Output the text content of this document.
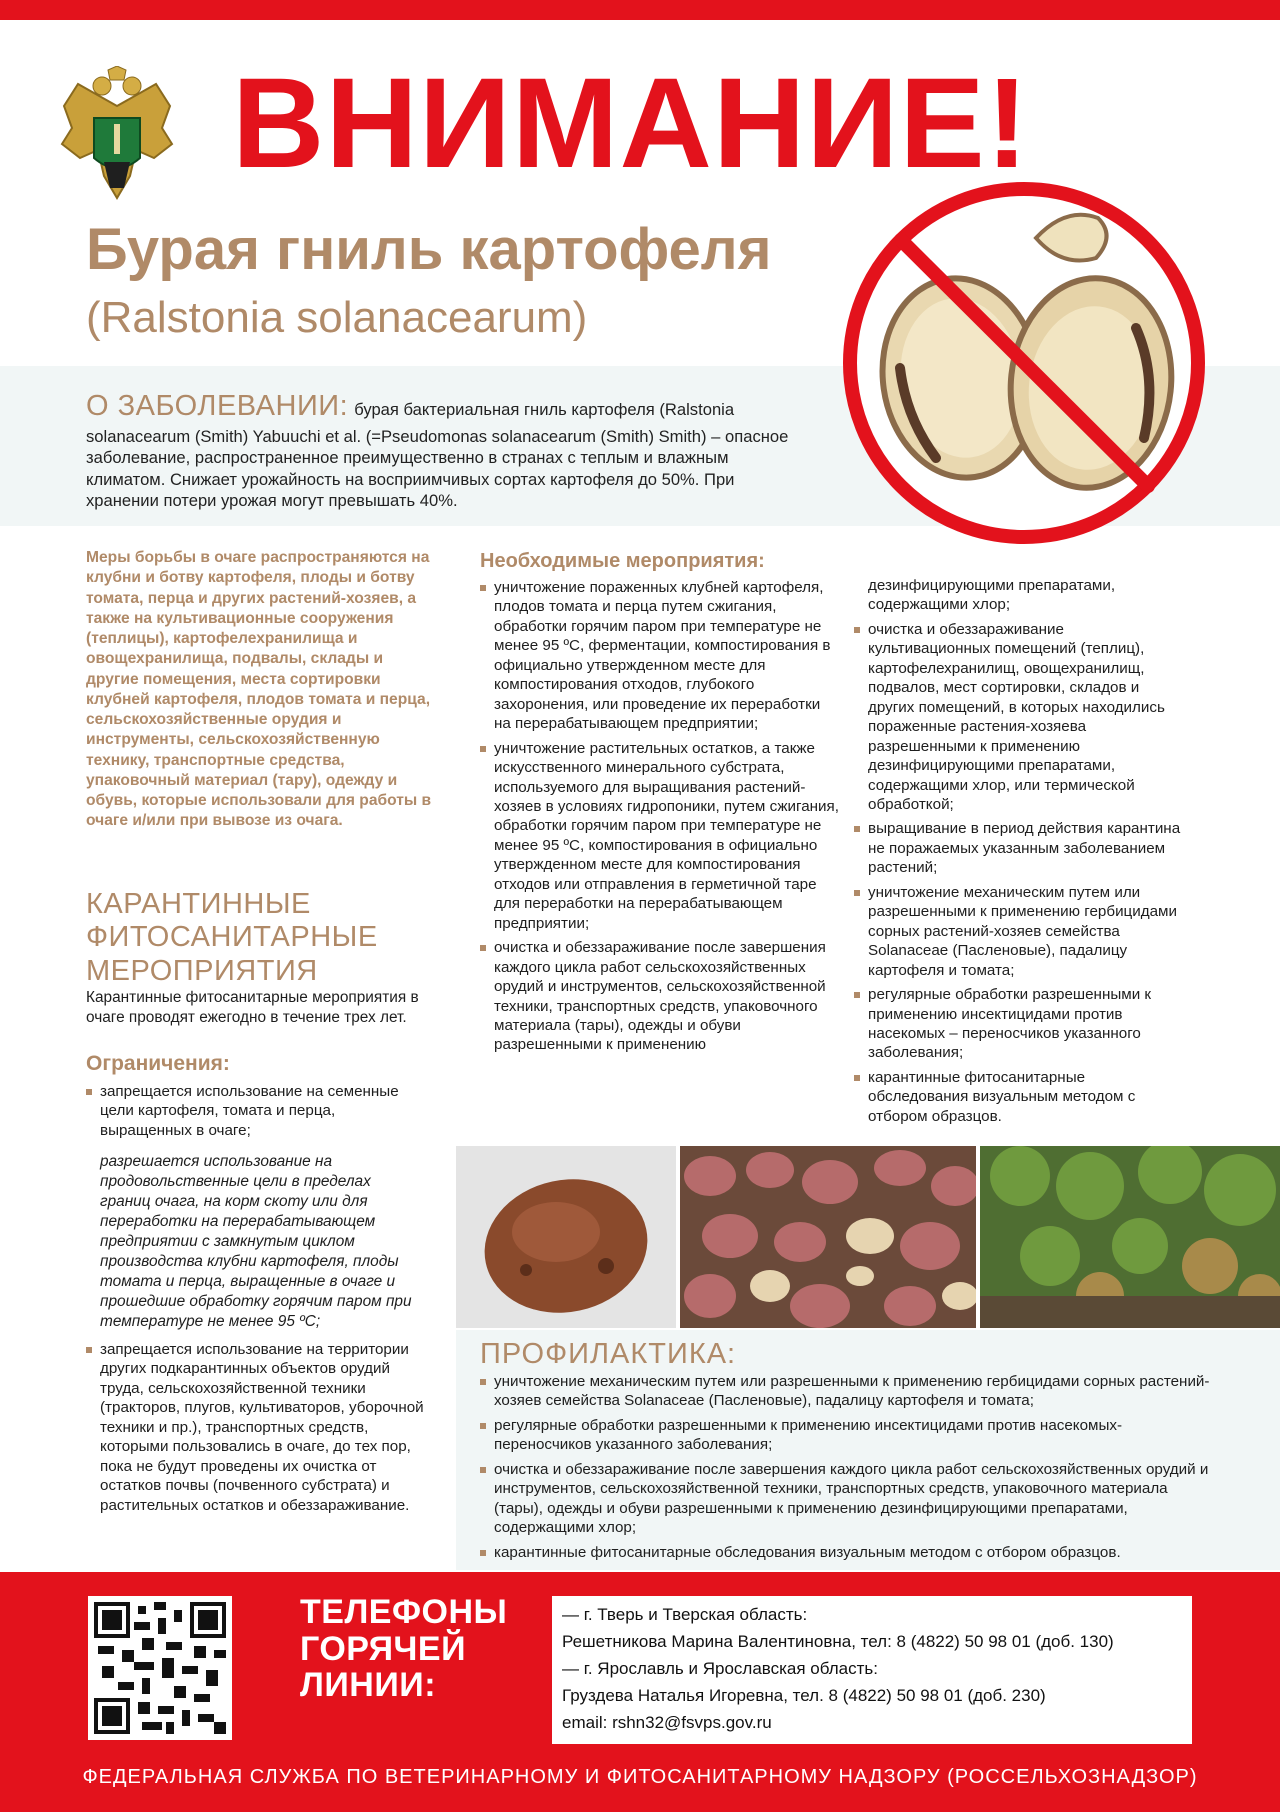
ВНИМАНИЕ!
Бурая гниль картофеля
(Ralstonia solanacearum)
О ЗАБОЛЕВАНИИ: бурая бактериальная гниль картофеля (Ralstonia solanacearum (Smith) Yabuuchi et al. (=Pseudomonas solanacearum (Smith) Smith) – опасное заболевание, распространенное преимущественно в странах с теплым и влажным климатом. Снижает урожайность на восприимчивых сортах картофеля до 50%. При хранении потери урожая могут превышать 40%.
Меры борьбы в очаге распространяются на клубни и ботву картофеля, плоды и ботву томата, перца и других растений-хозяев, а также на культивационные сооружения (теплицы), картофелехранилища и овощехранилища, подвалы, склады и другие помещения, места сортировки клубней картофеля, плодов томата и перца, сельскохозяйственные орудия и инструменты, сельскохозяйственную технику, транспортные средства, упаковочный материал (тару), одежду и обувь, которые использовали для работы в очаге и/или при вывозе из очага.
КАРАНТИННЫЕ ФИТОСАНИТАРНЫЕ МЕРОПРИЯТИЯ
Карантинные фитосанитарные мероприятия в очаге проводят ежегодно в течение трех лет.
Ограничения:
запрещается использование на семенные цели картофеля, томата и перца, выращенных в очаге;
разрешается использование на продовольственные цели в пределах границ очага, на корм скоту или для переработки на перерабатывающем предприятии с замкнутым циклом производства клубни картофеля, плоды томата и перца, выращенные в очаге и прошедшие обработку горячим паром при температуре не менее 95 ºС;
запрещается использование на территории других подкарантинных объектов орудий труда, сельскохозяйственной техники (тракторов, плугов, культиваторов, уборочной техники и пр.), транспортных средств, которыми пользовались в очаге, до тех пор, пока не будут проведены их очистка от остатков почвы (почвенного субстрата) и растительных остатков и обеззараживание.
Необходимые мероприятия:
уничтожение пораженных клубней картофеля, плодов томата и перца путем сжигания, обработки горячим паром при температуре не менее 95 ºС, ферментации, компостирования в официально утвержденном месте для компостирования отходов, глубокого захоронения, или проведение их переработки на перерабатывающем предприятии;
уничтожение растительных остатков, а также искусственного минерального субстрата, используемого для выращивания растений-хозяев в условиях гидропоники, путем сжигания, обработки горячим паром при температуре не менее 95 ºС, компостирования в официально утвержденном месте для компостирования отходов или отправления в герметичной таре для переработки на перерабатывающем предприятии;
очистка и обеззараживание после завершения каждого цикла работ сельскохозяйственных орудий и инструментов, сельскохозяйственной техники, транспортных средств, упаковочного материала (тары), одежды и обуви разрешенными к применению
дезинфицирующими препаратами, содержащими хлор;
очистка и обеззараживание культивационных помещений (теплиц), картофелехранилищ, овощехранилищ, подвалов, мест сортировки, складов и других помещений, в которых находились пораженные растения-хозяева разрешенными к применению дезинфицирующими препаратами, содержащими хлор, или термической обработкой;
выращивание в период действия карантина не поражаемых указанным заболеванием растений;
уничтожение механическим путем или разрешенными к применению гербицидами сорных растений-хозяев семейства Solanaceae (Пасленовые), падалицу картофеля и томата;
регулярные обработки разрешенными к применению инсектицидами против насекомых – переносчиков указанного заболевания;
карантинные фитосанитарные обследования визуальным методом с отбором образцов.
ПРОФИЛАКТИКА:
уничтожение механическим путем или разрешенными к применению гербицидами сорных растений-хозяев семейства Solanaceae (Пасленовые), падалицу картофеля и томата;
регулярные обработки разрешенными к применению инсектицидами против насекомых-переносчиков указанного заболевания;
очистка и обеззараживание после завершения каждого цикла работ сельскохозяйственных орудий и инструментов, сельскохозяйственной техники, транспортных средств, упаковочного материала (тары), одежды и обуви разрешенными к применению дезинфицирующими препаратами, содержащими хлор;
карантинные фитосанитарные обследования визуальным методом с отбором образцов.
ТЕЛЕФОНЫ
ГОРЯЧЕЙ
ЛИНИИ:

— г. Тверь и Тверская область:

Решетникова Марина Валентиновна, тел: 8 (4822) 50 98 01 (доб. 130)

— г. Ярославль и Ярославская область:

Груздева Наталья Игоревна, тел. 8 (4822) 50 98 01 (доб. 230)

email: rshn32@fsvps.gov.ru

ФЕДЕРАЛЬНАЯ СЛУЖБА ПО ВЕТЕРИНАРНОМУ И ФИТОСАНИТАРНОМУ НАДЗОРУ (РОССЕЛЬХОЗНАДЗОР)
